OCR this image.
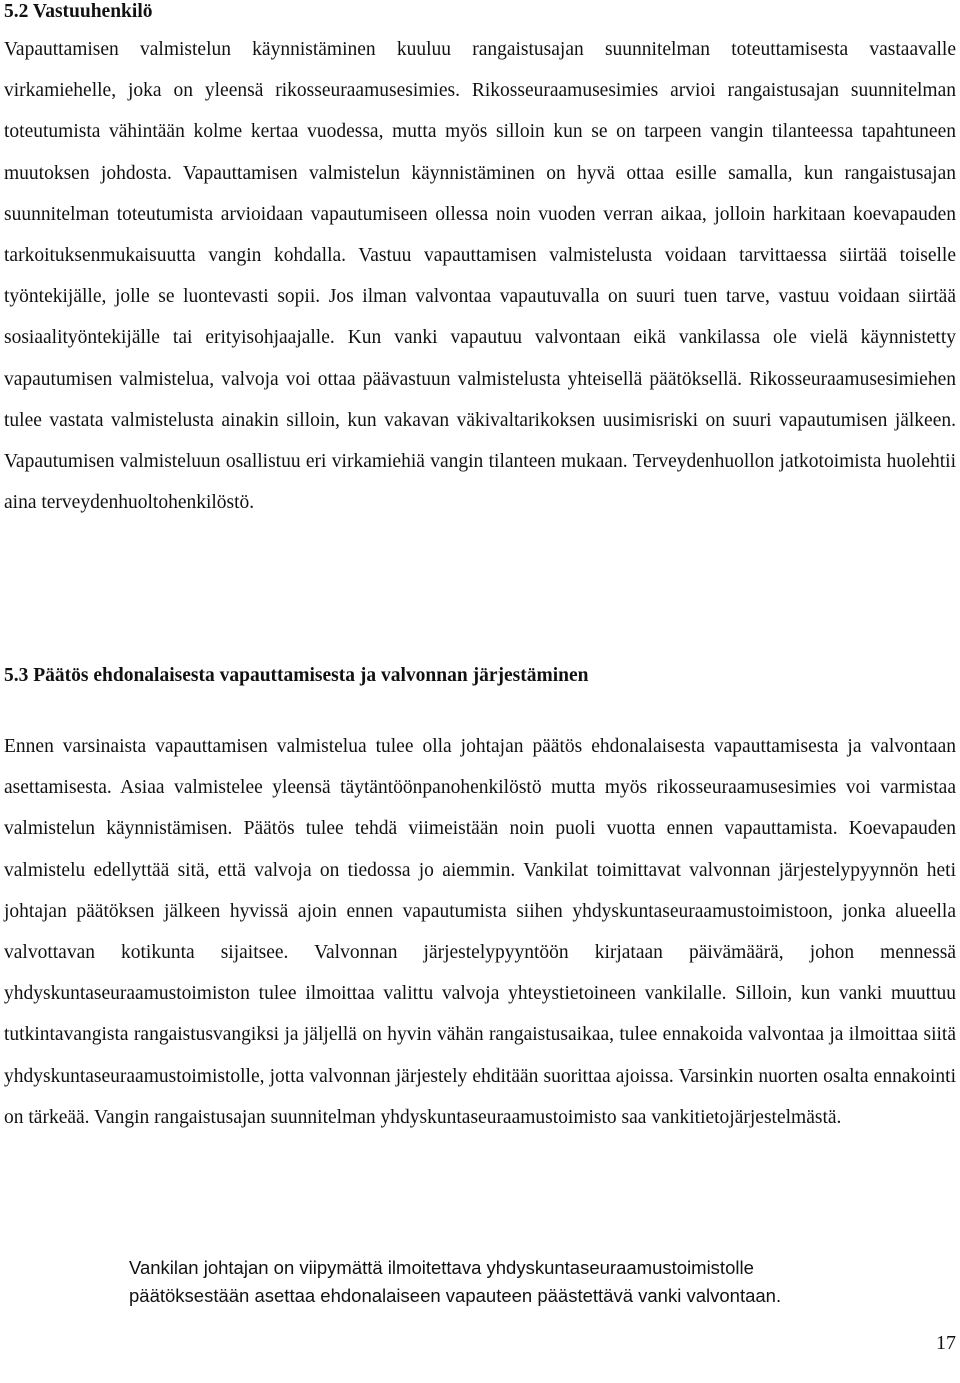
5.2 Vastuuhenkilö

Vapauttamisen valmistelun käynnistäminen kuuluu rangaistusajan suunnitelman toteuttamisesta vastaavalle virkamiehelle, joka on yleensä rikosseuraamusesimies. Rikosseuraamusesimies arvioi rangaistusajan suunnitelman toteutumista vähintään kolme kertaa vuodessa, mutta myös silloin kun se on tarpeen vangin tilanteessa tapahtuneen muutoksen johdosta. Vapauttamisen valmistelun käynnistäminen on hyvä ottaa esille samalla, kun rangaistusajan suunnitelman toteutumista arvioidaan vapautumiseen ollessa noin vuoden verran aikaa, jolloin harkitaan koevapauden tarkoituksenmukaisuutta vangin kohdalla. Vastuu vapauttamisen valmistelusta voidaan tarvittaessa siirtää toiselle työntekijälle, jolle se luontevasti sopii. Jos ilman valvontaa vapautuvalla on suuri tuen tarve, vastuu voidaan siirtää sosiaalityöntekijälle tai erityisohjaajalle. Kun vanki vapautuu valvontaan eikä vankilassa ole vielä käynnistetty vapautumisen valmistelua, valvoja voi ottaa päävastuun valmistelusta yhteisellä päätöksellä. Rikosseuraamusesimiehen tulee vastata valmistelusta ainakin silloin, kun vakavan väkivaltarikoksen uusimisriski on suuri vapautumisen jälkeen. Vapautumisen valmisteluun osallistuu eri virkamiehiä vangin tilanteen mukaan. Terveydenhuollon jatkotoimista huolehtii aina terveydenhuoltohenkilöstö.

5.3 Päätös ehdonalaisesta vapauttamisesta ja valvonnan järjestäminen

Ennen varsinaista vapauttamisen valmistelua tulee olla johtajan päätös ehdonalaisesta vapauttamisesta ja valvontaan asettamisesta. Asiaa valmistelee yleensä täytäntöönpanohenkilöstö mutta myös rikosseuraamusesimies voi varmistaa valmistelun käynnistämisen. Päätös tulee tehdä viimeistään noin puoli vuotta ennen vapauttamista. Koevapauden valmistelu edellyttää sitä, että valvoja on tiedossa jo aiemmin. Vankilat toimittavat valvonnan järjestelypyynnön heti johtajan päätöksen jälkeen hyvissä ajoin ennen vapautumista siihen yhdyskuntaseuraamustoimistoon, jonka alueella valvottavan kotikunta sijaitsee. Valvonnan järjestelypyyntöön kirjataan päivämäärä, johon mennessä yhdyskuntaseuraamustoimiston tulee ilmoittaa valittu valvoja yhteystietoineen vankilalle. Silloin, kun vanki muuttuu tutkintavangista rangaistusvangiksi ja jäljellä on hyvin vähän rangaistusaikaa, tulee ennakoida valvontaa ja ilmoittaa siitä yhdyskuntaseuraamustoimistolle, jotta valvonnan järjestely ehditään suorittaa ajoissa. Varsinkin nuorten osalta ennakointi on tärkeää. Vangin rangaistusajan suunnitelman yhdyskuntaseuraamustoimisto saa vankitietojärjestelmästä.

Vankilan johtajan on viipymättä ilmoitettava yhdyskuntaseuraamustoimistolle
päätöksestään asettaa ehdonalaiseen vapauteen päästettävä vanki valvontaan.
17
